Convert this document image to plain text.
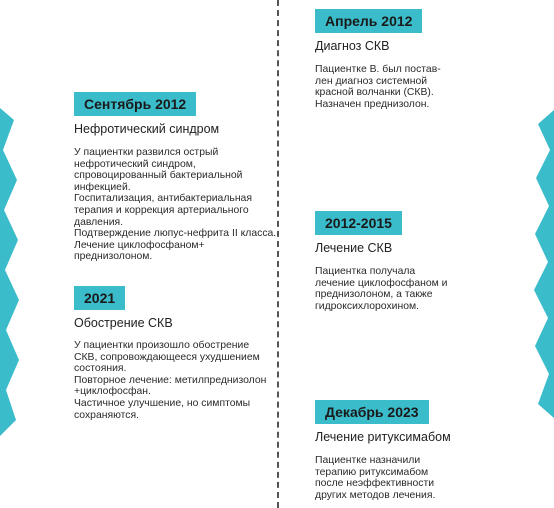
Апрель 2012
Диагноз СКВ
Пациентке В. был постав-
лен диагноз системной
красной волчанки (СКВ).
Назначен преднизолон.
Сентябрь 2012
Нефротический синдром
У пациентки развился острый
нефротический синдром,
спровоцированный бактериальной
инфекцией.
Госпитализация, антибактериальная
терапия и коррекция артериального
давления.
Подтверждение люпус-нефрита II класса.
Лечение циклофосфаном+
преднизолоном.
2012-2015
Лечение СКВ
Пациентка получала
лечение циклофосфаном и
преднизолоном, а также
гидроксихлорохином.
2021
Обострение СКВ
У пациентки произошло обострение
СКВ, сопровождающееся ухудшением
состояния.
Повторное лечение: метилпреднизолон
+циклофосфан.
Частичное улучшение, но симптомы
сохраняются.	Декабрь 2023
Лечение ритуксимабом
Пациентке назначили
терапию ритуксимабом
после неэффективности
других методов лечения.
